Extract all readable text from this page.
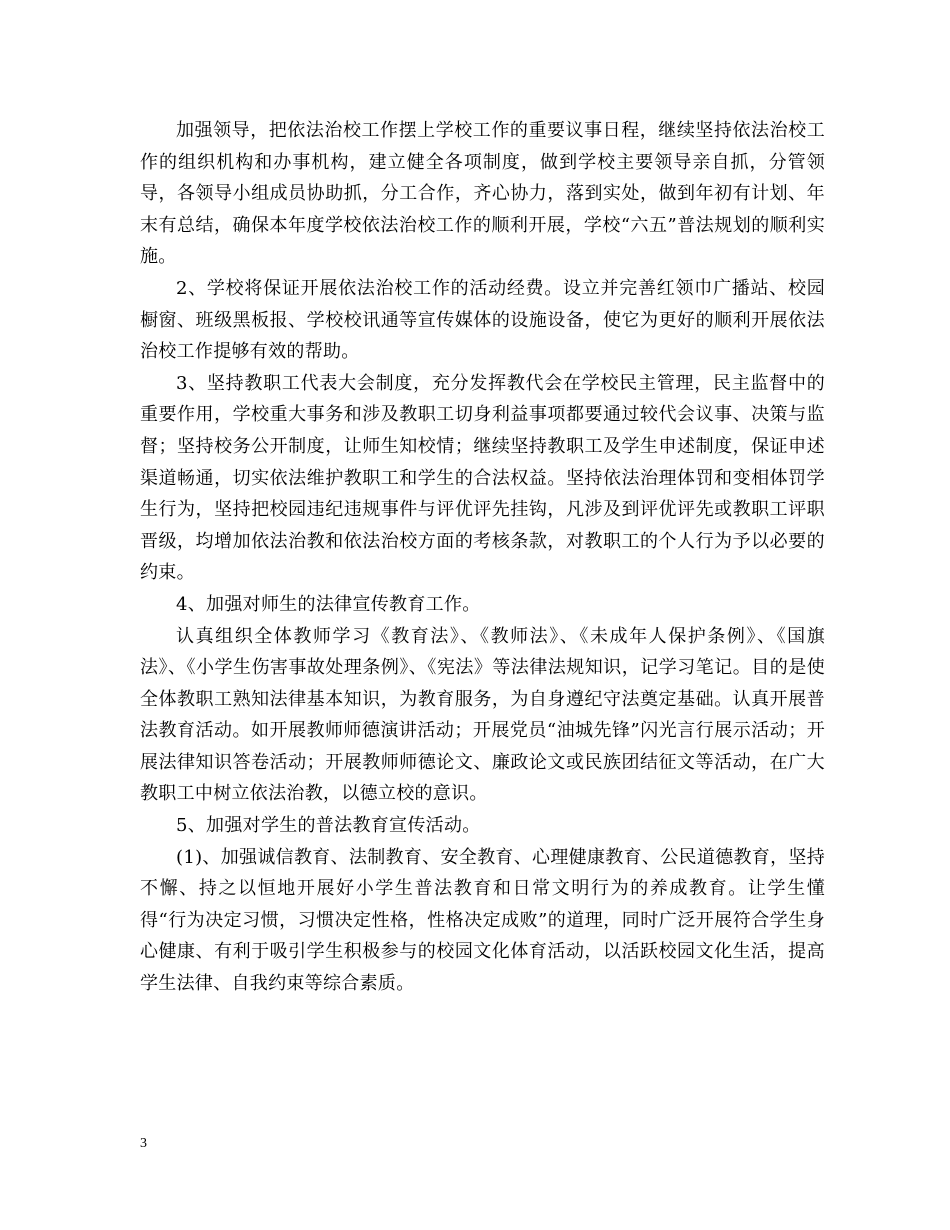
加强领导，把依法治校工作摆上学校工作的重要议事日程，继续坚持依法治校工作的组织机构和办事机构，建立健全各项制度，做到学校主要领导亲自抓，分管领导，各领导小组成员协助抓，分工合作，齐心协力，落到实处，做到年初有计划、年末有总结，确保本年度学校依法治校工作的顺利开展，学校“六五”普法规划的顺利实施。

2、学校将保证开展依法治校工作的活动经费。设立并完善红领巾广播站、校园橱窗、班级黑板报、学校校讯通等宣传媒体的设施设备，使它为更好的顺利开展依法治校工作提够有效的帮助。

3、坚持教职工代表大会制度，充分发挥教代会在学校民主管理，民主监督中的重要作用，学校重大事务和涉及教职工切身利益事项都要通过较代会议事、决策与监督；坚持校务公开制度，让师生知校情；继续坚持教职工及学生申述制度，保证申述渠道畅通，切实依法维护教职工和学生的合法权益。坚持依法治理体罚和变相体罚学生行为，坚持把校园违纪违规事件与评优评先挂钩，凡涉及到评优评先或教职工评职晋级，均增加依法治教和依法治校方面的考核条款，对教职工的个人行为予以必要的约束。

4、加强对师生的法律宣传教育工作。

认真组织全体教师学习《教育法》、《教师法》、《未成年人保护条例》、《国旗法》、《小学生伤害事故处理条例》、《宪法》等法律法规知识，记学习笔记。目的是使全体教职工熟知法律基本知识，为教育服务，为自身遵纪守法奠定基础。认真开展普法教育活动。如开展教师师德演讲活动；开展党员“油城先锋”闪光言行展示活动；开展法律知识答卷活动；开展教师师德论文、廉政论文或民族团结征文等活动，在广大教职工中树立依法治教，以德立校的意识。

5、加强对学生的普法教育宣传活动。

(1)、加强诚信教育、法制教育、安全教育、心理健康教育、公民道德教育，坚持不懈、持之以恒地开展好小学生普法教育和日常文明行为的养成教育。让学生懂得“行为决定习惯，习惯决定性格，性格决定成败”的道理，同时广泛开展符合学生身心健康、有利于吸引学生积极参与的校园文化体育活动，以活跃校园文化生活，提高学生法律、自我约束等综合素质。

3
